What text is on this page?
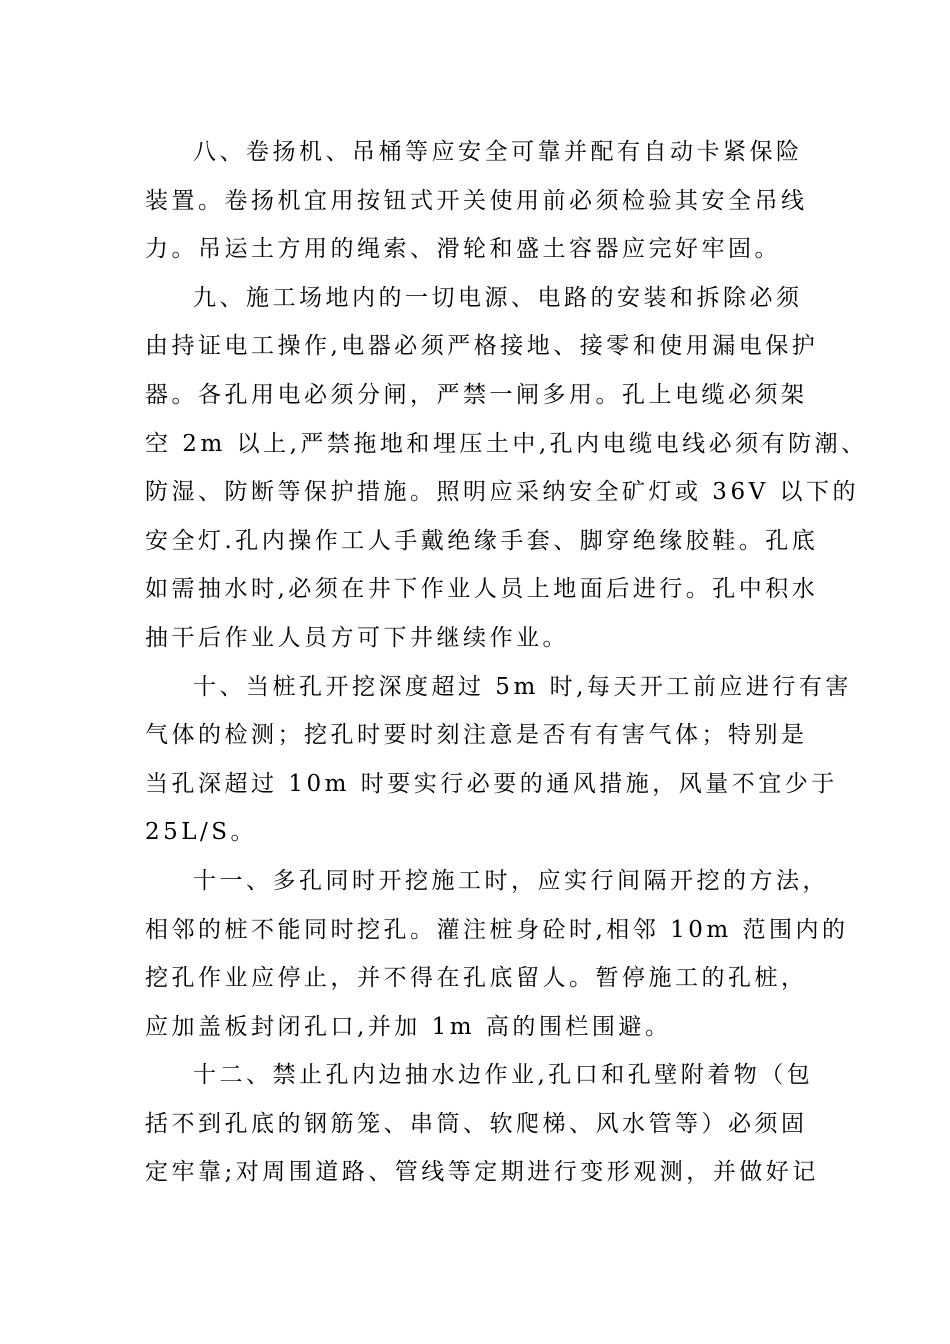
八、卷扬机、吊桶等应安全可靠并配有自动卡紧保险
装置。卷扬机宜用按钮式开关使用前必须检验其安全吊线
力。吊运土方用的绳索、滑轮和盛土容器应完好牢固。
九、施工场地内的一切电源、电路的安装和拆除必须
由持证电工操作,电器必须严格接地、接零和使用漏电保护
器。各孔用电必须分闸，严禁一闸多用。孔上电缆必须架
空 2m 以上,严禁拖地和埋压土中,孔内电缆电线必须有防潮、
防湿、防断等保护措施。照明应采纳安全矿灯或 36V 以下的
安全灯.孔内操作工人手戴绝缘手套、脚穿绝缘胶鞋。孔底
如需抽水时,必须在井下作业人员上地面后进行。孔中积水
抽干后作业人员方可下井继续作业。
十、当桩孔开挖深度超过 5m 时,每天开工前应进行有害
气体的检测；挖孔时要时刻注意是否有有害气体；特别是
当孔深超过 10m 时要实行必要的通风措施，风量不宜少于
25L/S。
十一、多孔同时开挖施工时，应实行间隔开挖的方法，
相邻的桩不能同时挖孔。灌注桩身砼时,相邻 10m 范围内的
挖孔作业应停止，并不得在孔底留人。暂停施工的孔桩，
应加盖板封闭孔口,并加 1m 高的围栏围避。
十二、禁止孔内边抽水边作业,孔口和孔壁附着物（包
括不到孔底的钢筋笼、串筒、软爬梯、风水管等）必须固
定牢靠;对周围道路、管线等定期进行变形观测，并做好记
